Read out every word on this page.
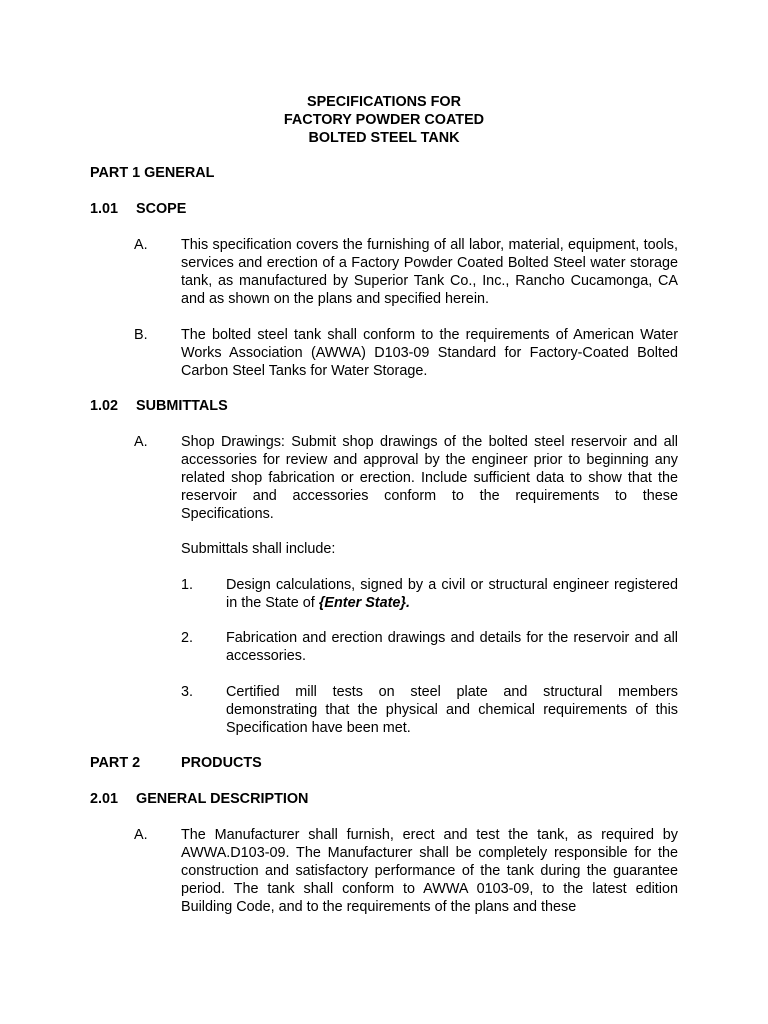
SPECIFICATIONS FOR
FACTORY POWDER COATED
BOLTED STEEL TANK
PART 1 GENERAL
1.01 SCOPE
A. This specification covers the furnishing of all labor, material, equipment, tools, services and erection of a Factory Powder Coated Bolted Steel water storage tank, as manufactured by Superior Tank Co., Inc., Rancho Cucamonga, CA and as shown on the plans and specified herein.
B. The bolted steel tank shall conform to the requirements of American Water Works Association (AWWA) D103-09 Standard for Factory-Coated Bolted Carbon Steel Tanks for Water Storage.
1.02 SUBMITTALS
A. Shop Drawings: Submit shop drawings of the bolted steel reservoir and all accessories for review and approval by the engineer prior to beginning any related shop fabrication or erection. Include sufficient data to show that the reservoir and accessories conform to the requirements to these Specifications.
Submittals shall include:
1. Design calculations, signed by a civil or structural engineer registered in the State of {Enter State}.
2. Fabrication and erection drawings and details for the reservoir and all accessories.
3. Certified mill tests on steel plate and structural members demonstrating that the physical and chemical requirements of this Specification have been met.
PART 2	PRODUCTS
2.01 GENERAL DESCRIPTION
A. The Manufacturer shall furnish, erect and test the tank, as required by AWWA.D103-09. The Manufacturer shall be completely responsible for the construction and satisfactory performance of the tank during the guarantee period. The tank shall conform to AWWA 0103-09, to the latest edition Building Code, and to the requirements of the plans and these
